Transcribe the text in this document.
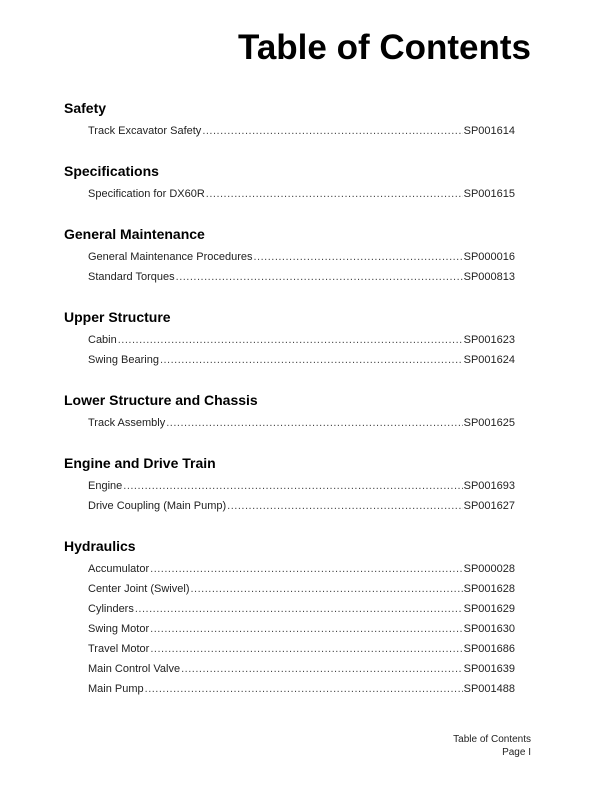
Table of Contents
Safety
Track Excavator Safety .....	SP001614
Specifications
Specification for DX60R .....	SP001615
General Maintenance
General Maintenance Procedures .....	SP000016
Standard Torques .....	SP000813
Upper Structure
Cabin .....	SP001623
Swing Bearing .....	SP001624
Lower Structure and Chassis
Track Assembly .....	SP001625
Engine and Drive Train
Engine .....	SP001693
Drive Coupling (Main Pump) .....	SP001627
Hydraulics
Accumulator .....	SP000028
Center Joint (Swivel) .....	SP001628
Cylinders .....	SP001629
Swing Motor .....	SP001630
Travel Motor .....	SP001686
Main Control Valve .....	SP001639
Main Pump .....	SP001488
Table of Contents
Page I
